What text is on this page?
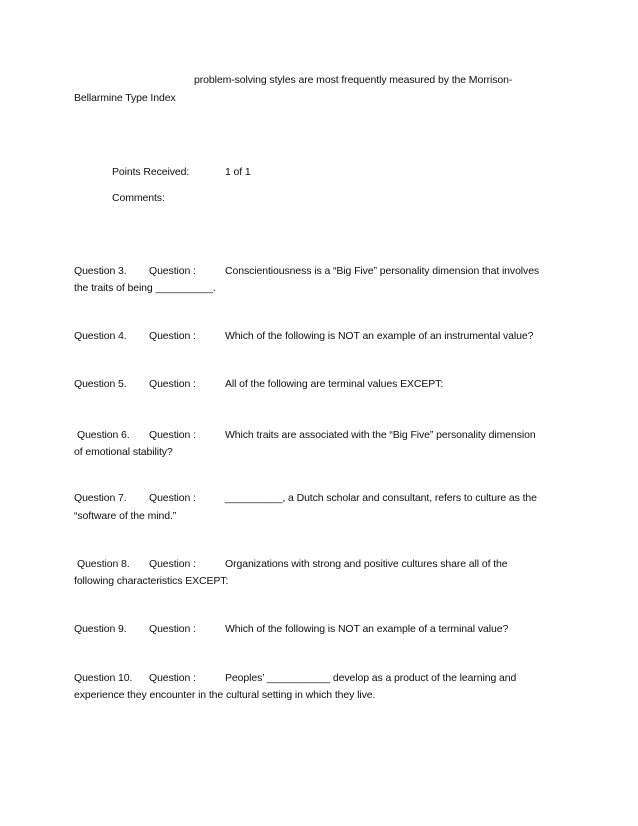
problem-solving styles are most frequently measured by the Morrison-
Bellarmine Type Index
Points Received:	1 of 1
Comments:
Question 3. Question :	Conscientiousness is a “Big Five” personality dimension that involves
the traits of being __________.
Question 4. Question :	Which of the following is NOT an example of an instrumental value?
Question 5. Question :	All of the following are terminal values EXCEPT:
Question 6. Question :	Which traits are associated with the “Big Five” personality dimension
of emotional stability?
Question 7. Question :	__________, a Dutch scholar and consultant, refers to culture as the
“software of the mind.”
Question 8. Question :	Organizations with strong and positive cultures share all of the
following characteristics EXCEPT:
Question 9. Question :	Which of the following is NOT an example of a terminal value?
Question 10. Question :	Peoples’ ___________ develop as a product of the learning and
experience they encounter in the cultural setting in which they live.
